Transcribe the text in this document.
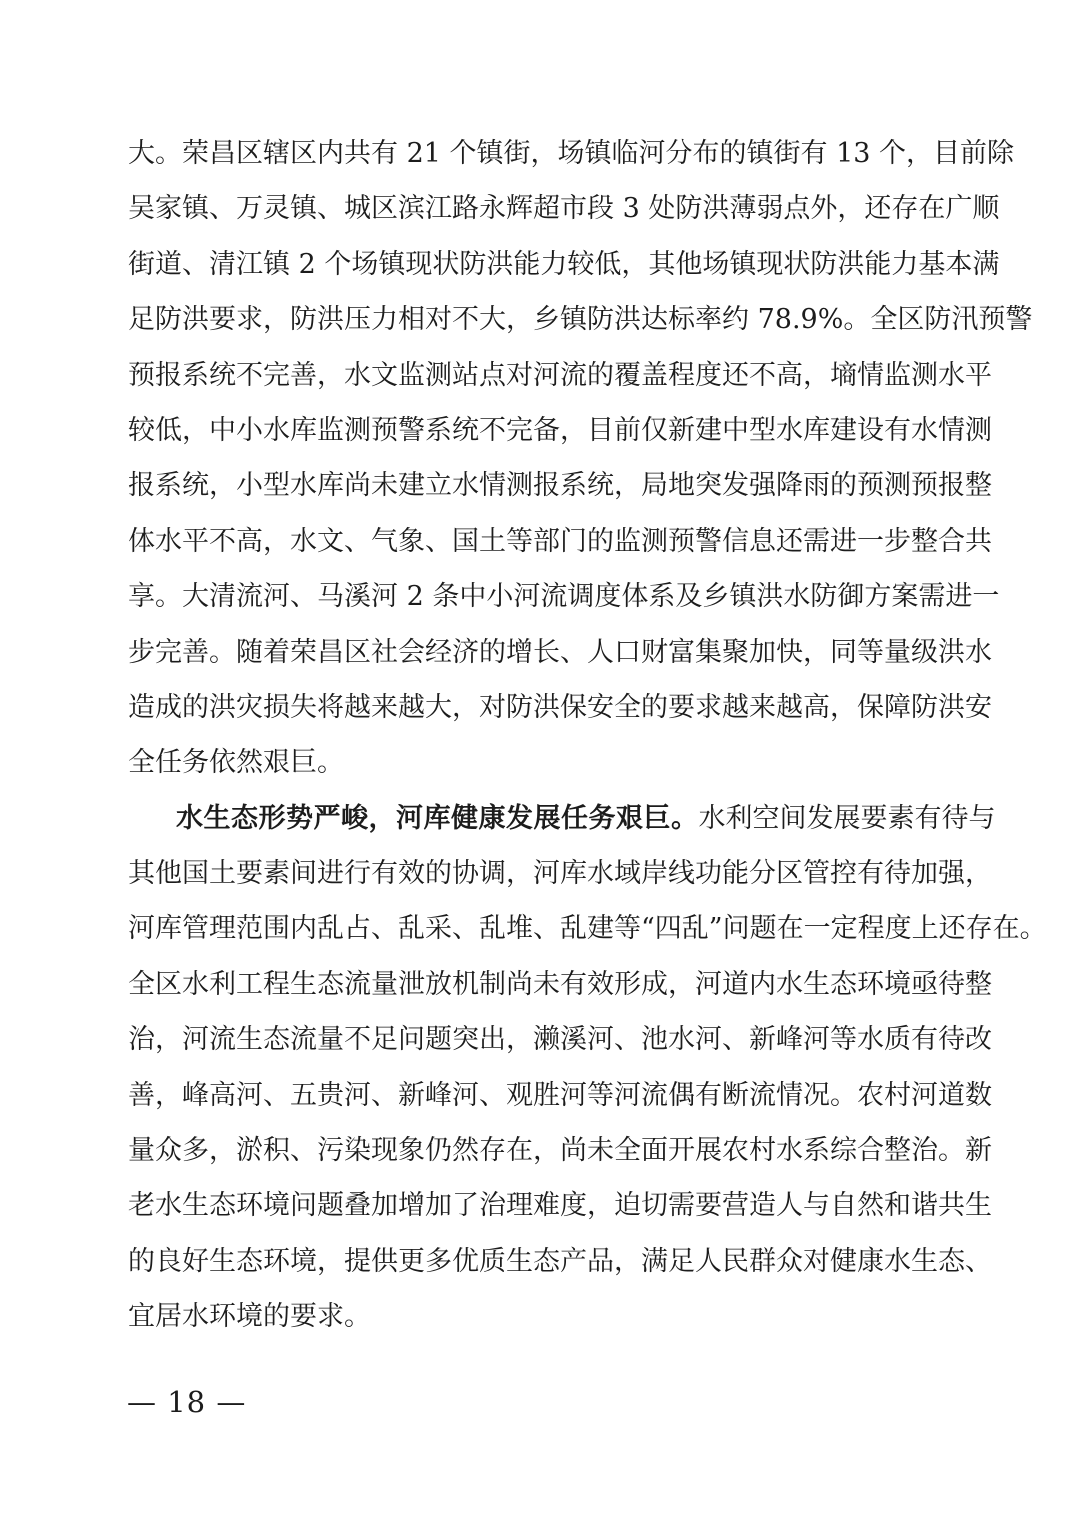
大。荣昌区辖区内共有 21 个镇街，场镇临河分布的镇街有 13 个，目前除
吴家镇、万灵镇、城区滨江路永辉超市段 3 处防洪薄弱点外，还存在广顺
街道、清江镇 2 个场镇现状防洪能力较低，其他场镇现状防洪能力基本满
足防洪要求，防洪压力相对不大，乡镇防洪达标率约 78.9%。全区防汛预警
预报系统不完善，水文监测站点对河流的覆盖程度还不高，墒情监测水平
较低，中小水库监测预警系统不完备，目前仅新建中型水库建设有水情测
报系统，小型水库尚未建立水情测报系统，局地突发强降雨的预测预报整
体水平不高，水文、气象、国土等部门的监测预警信息还需进一步整合共
享。大清流河、马溪河 2 条中小河流调度体系及乡镇洪水防御方案需进一
步完善。随着荣昌区社会经济的增长、人口财富集聚加快，同等量级洪水
造成的洪灾损失将越来越大，对防洪保安全的要求越来越高，保障防洪安
全任务依然艰巨。
水生态形势严峻，河库健康发展任务艰巨。水利空间发展要素有待与
其他国土要素间进行有效的协调，河库水域岸线功能分区管控有待加强，
河库管理范围内乱占、乱采、乱堆、乱建等“四乱”问题在一定程度上还存在。
全区水利工程生态流量泄放机制尚未有效形成，河道内水生态环境亟待整
治，河流生态流量不足问题突出，濑溪河、池水河、新峰河等水质有待改
善，峰高河、五贵河、新峰河、观胜河等河流偶有断流情况。农村河道数
量众多，淤积、污染现象仍然存在，尚未全面开展农村水系综合整治。新
老水生态环境问题叠加增加了治理难度，迫切需要营造人与自然和谐共生
的良好生态环境，提供更多优质生态产品，满足人民群众对健康水生态、
宜居水环境的要求。
— 18 —
